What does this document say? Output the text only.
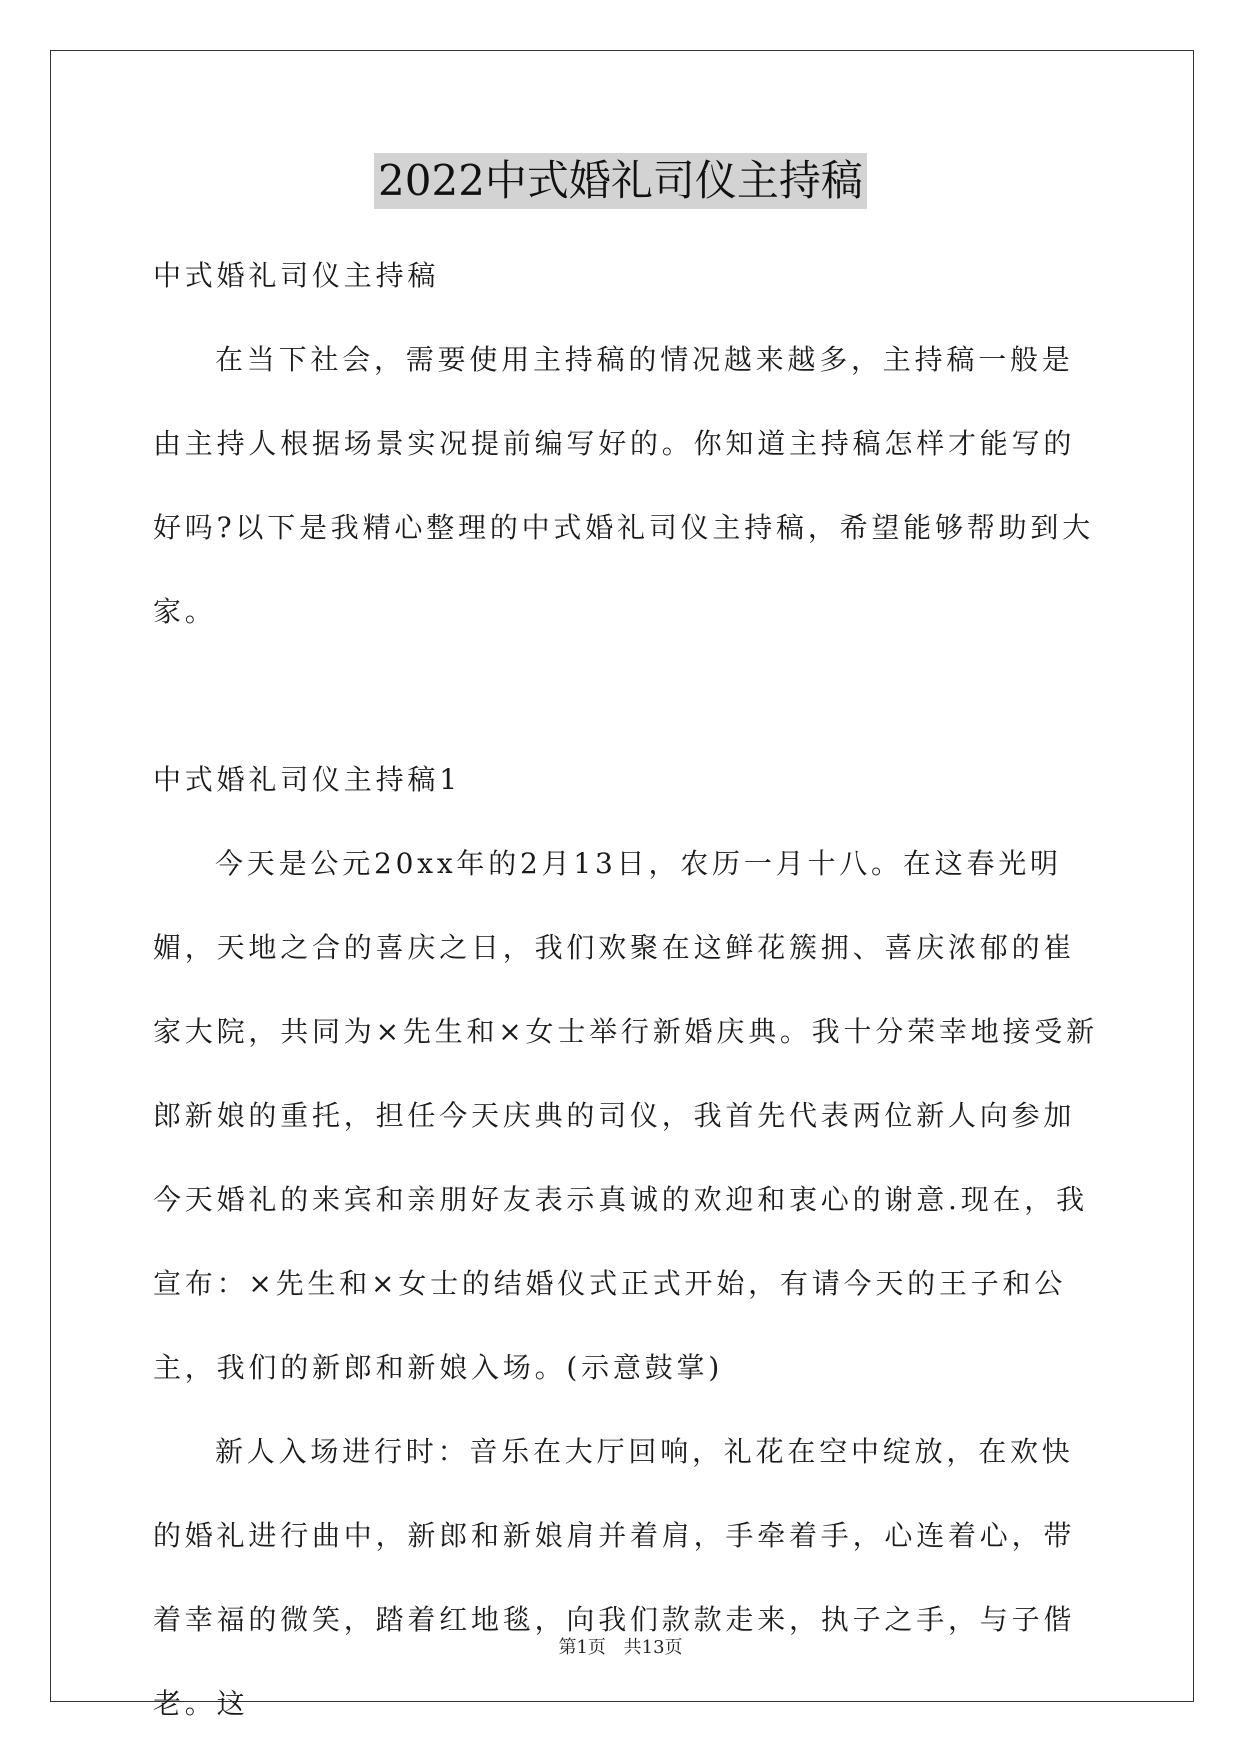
2022中式婚礼司仪主持稿

中式婚礼司仪主持稿

在当下社会，需要使用主持稿的情况越来越多，主持稿一般是由主持人根据场景实况提前编写好的。你知道主持稿怎样才能写的好吗?以下是我精心整理的中式婚礼司仪主持稿，希望能够帮助到大家。

中式婚礼司仪主持稿1

今天是公元20xx年的2月13日，农历一月十八。在这春光明媚，天地之合的喜庆之日，我们欢聚在这鲜花簇拥、喜庆浓郁的崔家大院，共同为×先生和×女士举行新婚庆典。我十分荣幸地接受新郎新娘的重托，担任今天庆典的司仪，我首先代表两位新人向参加今天婚礼的来宾和亲朋好友表示真诚的欢迎和衷心的谢意.现在，我宣布：×先生和×女士的结婚仪式正式开始，有请今天的王子和公主，我们的新郎和新娘入场。(示意鼓掌)

新人入场进行时：音乐在大厅回响，礼花在空中绽放，在欢快的婚礼进行曲中，新郎和新娘肩并着肩，手牵着手，心连着心，带着幸福的微笑，踏着红地毯，向我们款款走来，执子之手，与子偕老。这

第1页 共13页
